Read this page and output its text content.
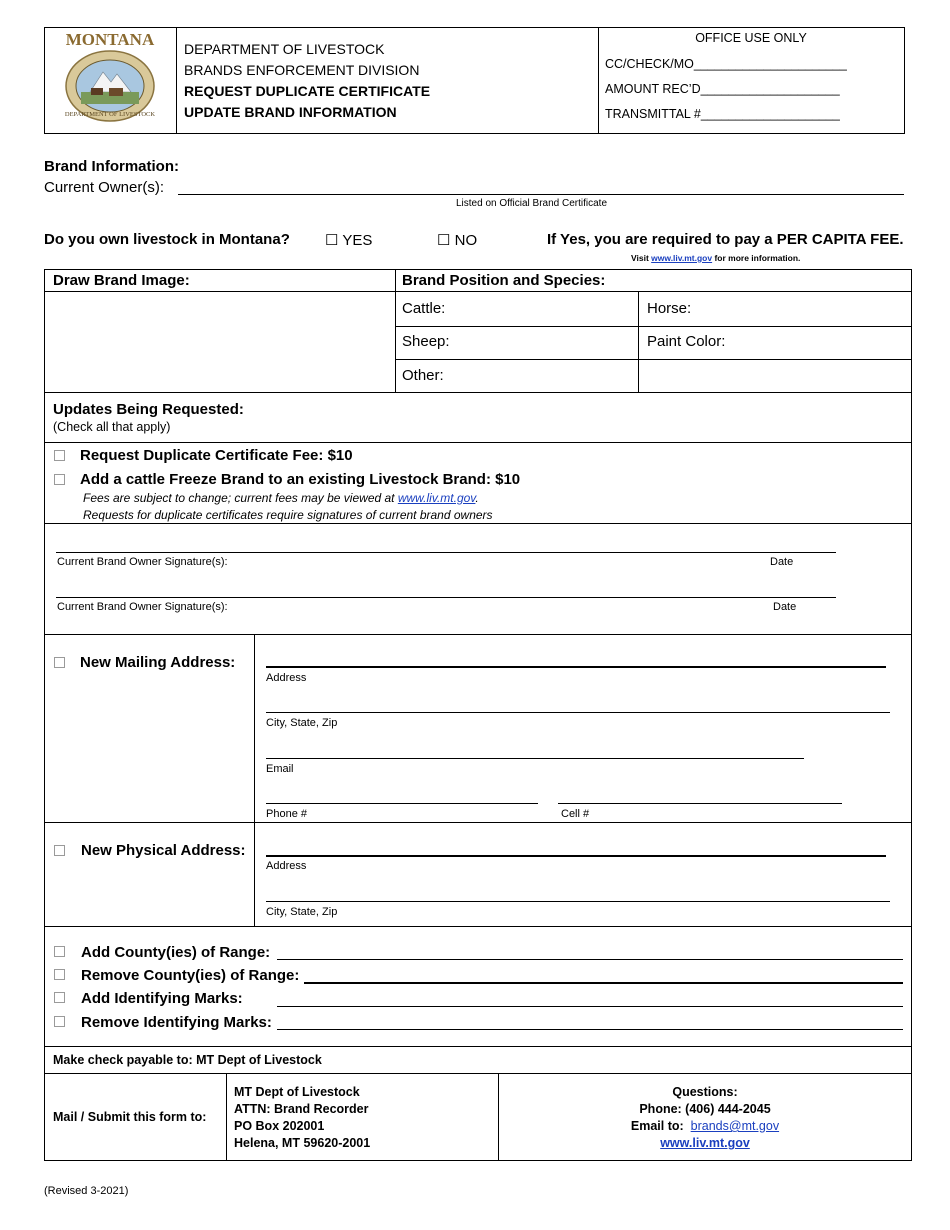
MONTANA
DEPARTMENT OF LIVESTOCK
DEPARTMENT OF LIVESTOCK
BRANDS ENFORCEMENT DIVISION
REQUEST DUPLICATE CERTIFICATE
UPDATE BRAND INFORMATION
OFFICE USE ONLY
CC/CHECK/MO______________________
AMOUNT REC’D____________________
TRANSMITTAL #____________________
Brand Information:
Current Owner(s):
Listed on Official Brand Certificate
Do you own livestock in Montana? ☐ YES	☐ NO	If Yes, you are required to pay a PER CAPITA FEE.
Visit www.liv.mt.gov for more information.
Draw Brand Image:	Brand Position and Species:
Cattle:	Horse:
Sheep:	Paint Color:
Other:
Updates Being Requested:
(Check all that apply)
Request Duplicate Certificate Fee: $10
Add a cattle Freeze Brand to an existing Livestock Brand: $10
Fees are subject to change; current fees may be viewed at www.liv.mt.gov.
Requests for duplicate certificates require signatures of current brand owners
Current Brand Owner Signature(s):	Date
Current Brand Owner Signature(s):	Date
New Mailing Address:
Address
City, State, Zip
Email
Phone #	Cell #
New Physical Address:
Address
City, State, Zip
Add County(ies) of Range:
Remove County(ies) of Range:
Add Identifying Marks:
Remove Identifying Marks:
Make check payable to: MT Dept of Livestock
Mail / Submit this form to:
MT Dept of Livestock
ATTN: Brand Recorder
PO Box 202001
Helena, MT 59620-2001
Questions:
Phone: (406) 444-2045
Email to: brands@mt.gov
www.liv.mt.gov
(Revised 3-2021)
